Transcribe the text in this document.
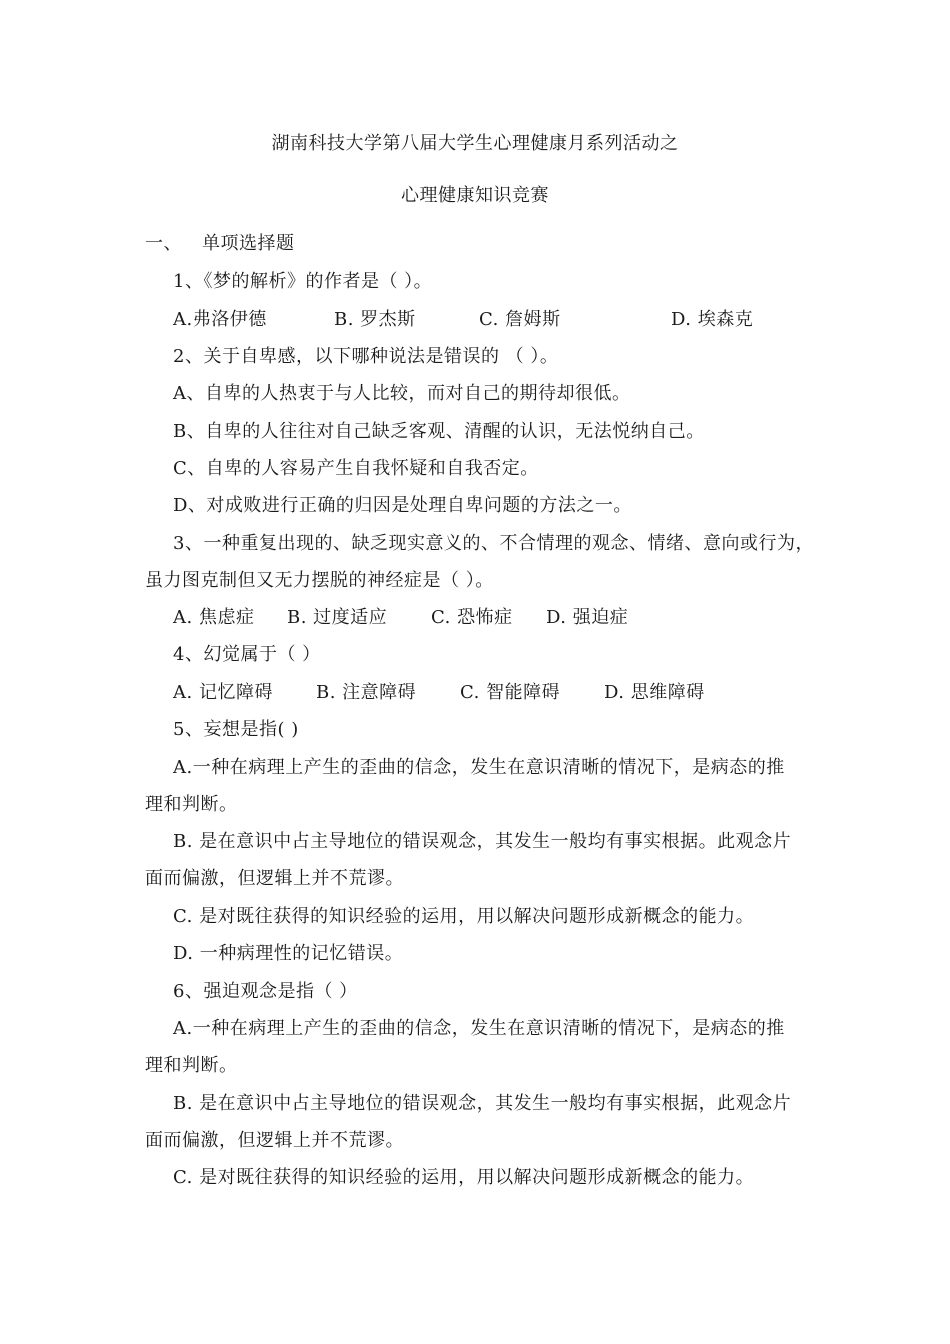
湖南科技大学第八届大学生心理健康月系列活动之
心理健康知识竞赛
一、 单项选择题
1、《梦的解析》的作者是（ ）。
A.弗洛伊德	B. 罗杰斯	C. 詹姆斯	D. 埃森克
2、关于自卑感，以下哪种说法是错误的 （ ）。
A、自卑的人热衷于与人比较，而对自己的期待却很低。
B、自卑的人往往对自己缺乏客观、清醒的认识，无法悦纳自己。
C、自卑的人容易产生自我怀疑和自我否定。
D、对成败进行正确的归因是处理自卑问题的方法之一。
3、一种重复出现的、缺乏现实意义的、不合情理的观念、情绪、意向或行为，
虽力图克制但又无力摆脱的神经症是（ ）。
A. 焦虑症 B. 过度适应 C. 恐怖症 D. 强迫症
4、幻觉属于（ ）
A. 记忆障碍 B. 注意障碍 C. 智能障碍 D. 思维障碍
5、妄想是指( )
A.一种在病理上产生的歪曲的信念，发生在意识清晰的情况下，是病态的推
理和判断。
B. 是在意识中占主导地位的错误观念，其发生一般均有事实根据。此观念片
面而偏激，但逻辑上并不荒谬。
C. 是对既往获得的知识经验的运用，用以解决问题形成新概念的能力。
D. 一种病理性的记忆错误。
6、强迫观念是指（ ）
A.一种在病理上产生的歪曲的信念，发生在意识清晰的情况下，是病态的推
理和判断。
B. 是在意识中占主导地位的错误观念，其发生一般均有事实根据，此观念片
面而偏激，但逻辑上并不荒谬。
C. 是对既往获得的知识经验的运用，用以解决问题形成新概念的能力。
